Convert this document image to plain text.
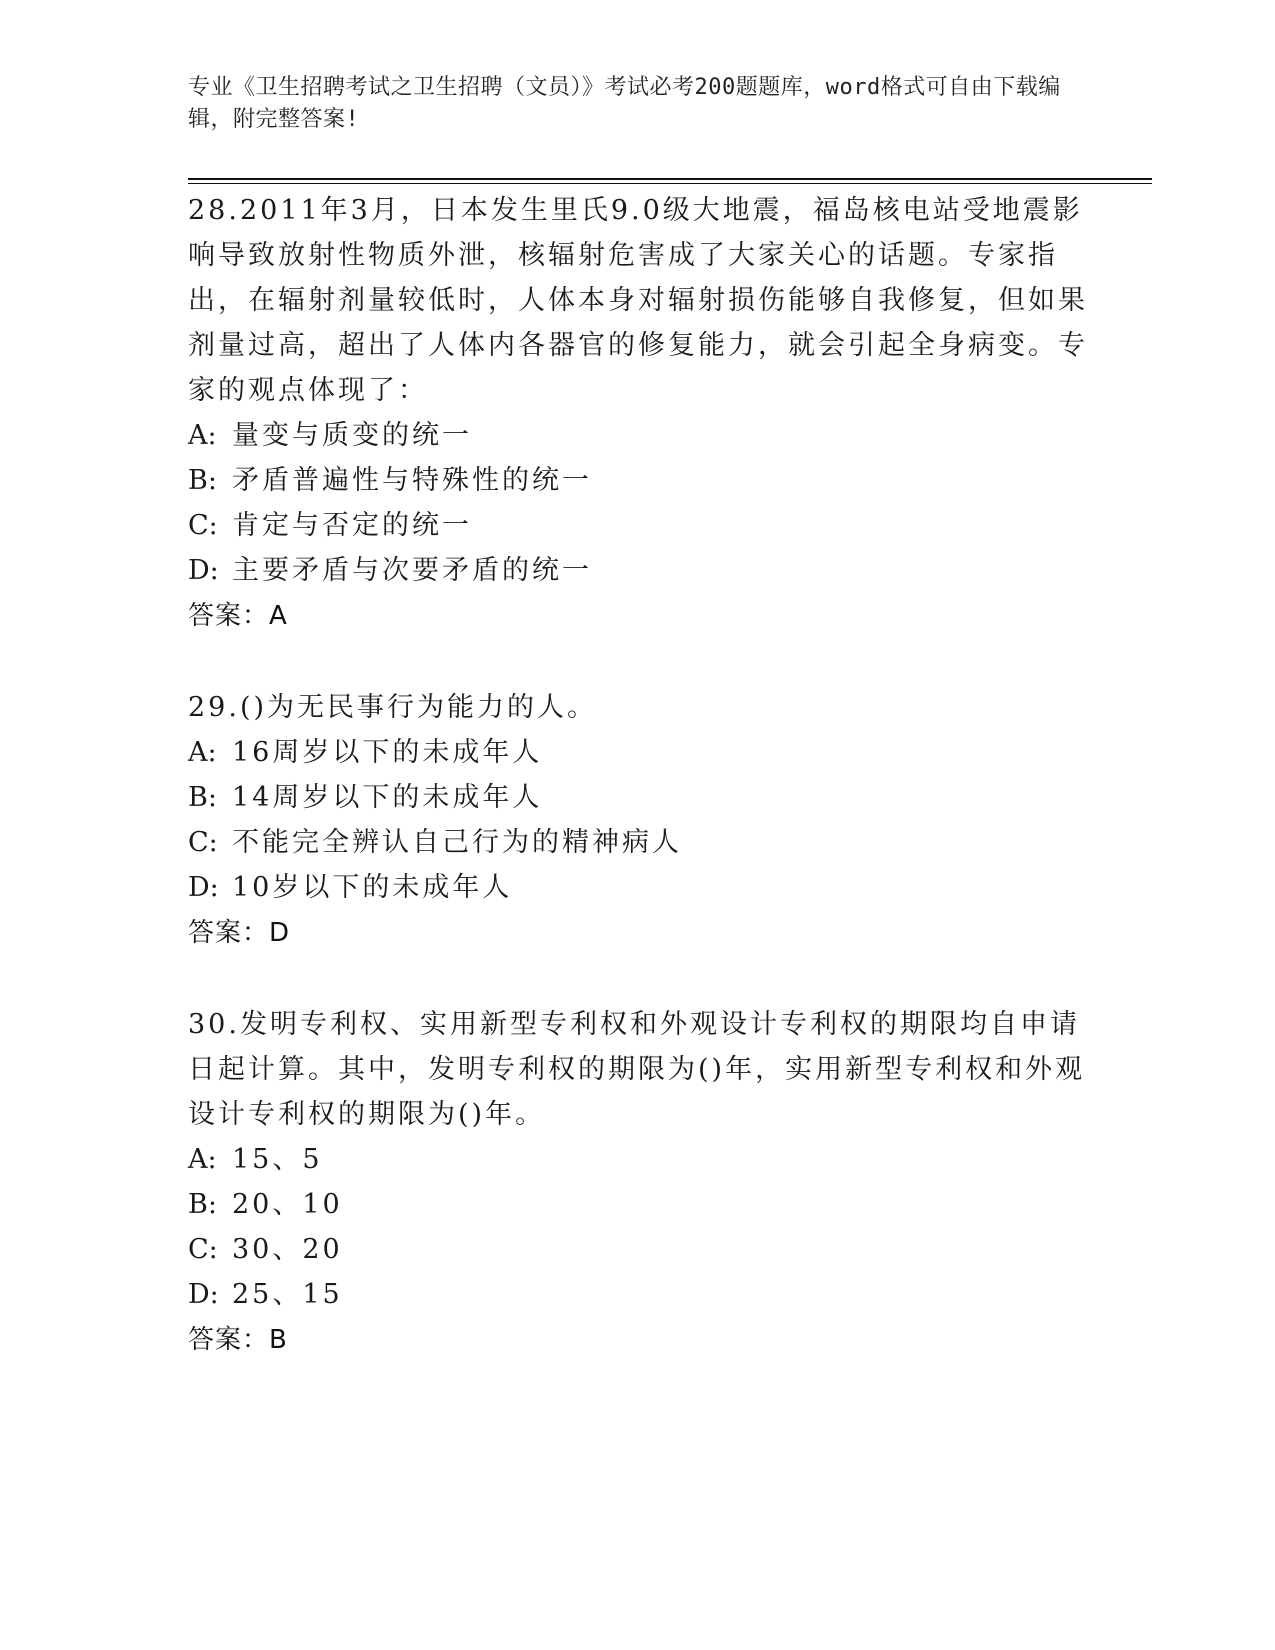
专业《卫生招聘考试之卫生招聘（文员）》考试必考200题题库，word格式可自由下载编辑，附完整答案!

28.2011年3月，日本发生里氏9.0级大地震，福岛核电站受地震影响导致放射性物质外泄，核辐射危害成了大家关心的话题。专家指出，在辐射剂量较低时，人体本身对辐射损伤能够自我修复，但如果剂量过高，超出了人体内各器官的修复能力，就会引起全身病变。专家的观点体现了：

A: 量变与质变的统一

B: 矛盾普遍性与特殊性的统一

C: 肯定与否定的统一

D: 主要矛盾与次要矛盾的统一

答案：A

29.()为无民事行为能力的人。

A: 16周岁以下的未成年人

B: 14周岁以下的未成年人

C: 不能完全辨认自己行为的精神病人

D: 10岁以下的未成年人

答案：D

30.发明专利权、实用新型专利权和外观设计专利权的期限均自申请日起计算。其中，发明专利权的期限为()年，实用新型专利权和外观设计专利权的期限为()年。

A: 15、5

B: 20、10

C: 30、20

D: 25、15

答案：B
